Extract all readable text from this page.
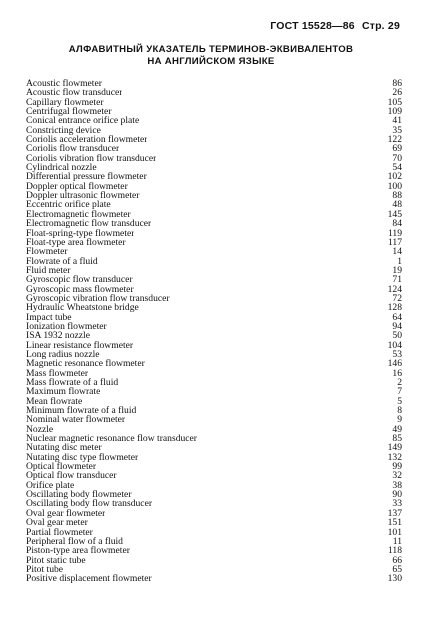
ГОСТ 15528—86 Стр. 29
АЛФАВИТНЫЙ УКАЗАТЕЛЬ ТЕРМИНОВ-ЭКВИВАЛЕНТОВ
НА АНГЛИЙСКОМ ЯЗЫКЕ
Acoustic flowmeter	86
Acoustic flow transducer	26
Capillary flowmeter	105
Centrifugal flowmeter	109
Conical entrance orifice plate	41
Constricting device	35
Coriolis acceleration flowmeter	122
Coriolis flow transducer	69
Coriolis vibration flow transducer	70
Cylindrical nozzle	54
Differential pressure flowmeter	102
Doppler optical flowmeter	100
Doppler ultrasonic flowmeter	88
Eccentric orifice plate	48
Electromagnetic flowmeter	145
Electromagnetic flow transducer	84
Float-spring-type flowmeter	119
Float-type area flowmeter	117
Flowmeter	14
Flowrate of a fluid	1
Fluid meter	19
Gyroscopic flow transducer	71
Gyroscopic mass flowmeter	124
Gyroscopic vibration flow transducer	72
Hydraulic Wheatstone bridge	128
Impact tube	64
Ionization flowmeter	94
ISA 1932 nozzle	50
Linear resistance flowmeter	104
Long radius nozzle	53
Magnetic resonance flowmeter	146
Mass flowmeter	16
Mass flowrate of a fluid	2
Maximum flowrate	7
Mean flowrate	5
Minimum flowrate of a fluid	8
Nominal water flowmeter	9
Nozzle	49
Nuclear magnetic resonance flow transducer	85
Nutating disc meter	149
Nutating disc type flowmeter	132
Optical flowmeter	99
Optical flow transducer	32
Orifice plate	38
Oscillating body flowmeter	90
Oscillating body flow transducer	33
Oval gear flowmeter	137
Oval gear meter	151
Partial flowmeter	101
Peripheral flow of a fluid	11
Piston-type area flowmeter	118
Pitot static tube	66
Pitot tube	65
Positive displacement flowmeter	130
